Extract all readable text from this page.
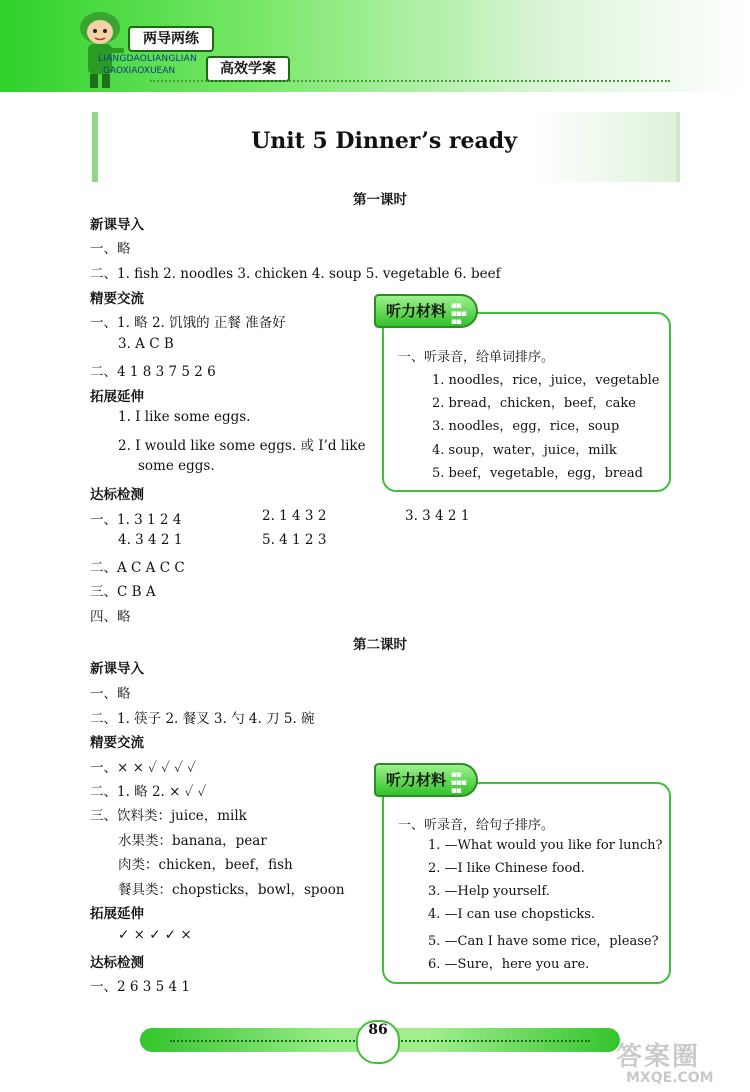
两导两练
LIANGDAOLIANGLIAN
GAOXIAOXUEAN	高效学案
Unit 5 Dinner’s ready
第一课时
新课导入
一、略
二、1. fish 2. noodles 3. chicken 4. soup 5. vegetable 6. beef
精要交流
一、1. 略 2. 饥饿的 正餐 准备好
3. A C B
二、4 1 8 3 7 5 2 6
拓展延伸
1. I like some eggs.
2. I would like some eggs. 或 I’d like
some eggs.
达标检测
一、1. 3 1 2 4	2. 1 4 3 2	3. 3 4 2 1
4. 3 4 2 1	5. 4 1 2 3
二、A C A C C
三、C B A
四、略
听力材料 ▪▪
▪▪▪
▪▪
一、听录音，给单词排序。
1. noodles，rice，juice，vegetable
2. bread，chicken，beef，cake
3. noodles，egg，rice，soup
4. soup，water，juice，milk
5. beef，vegetable，egg，bread
第二课时
新课导入
一、略
二、1. 筷子 2. 餐叉 3. 勺 4. 刀 5. 碗
精要交流
一、× × ✓ ✓ ✓ ✓
二、1. 略 2. × ✓ ✓
三、饮料类：juice，milk
水果类：banana，pear
肉类：chicken，beef，fish
餐具类：chopsticks，bowl，spoon
拓展延伸
✓ × ✓ ✓ ×
达标检测
一、2 6 3 5 4 1
听力材料 ▪▪
▪▪▪
▪▪
一、听录音，给句子排序。
1. —What would you like for lunch?
2. —I like Chinese food.
3. —Help yourself.
4. —I can use chopsticks.
5. —Can I have some rice，please?
6. —Sure，here you are.
86
答案圈
MXQE.COM
